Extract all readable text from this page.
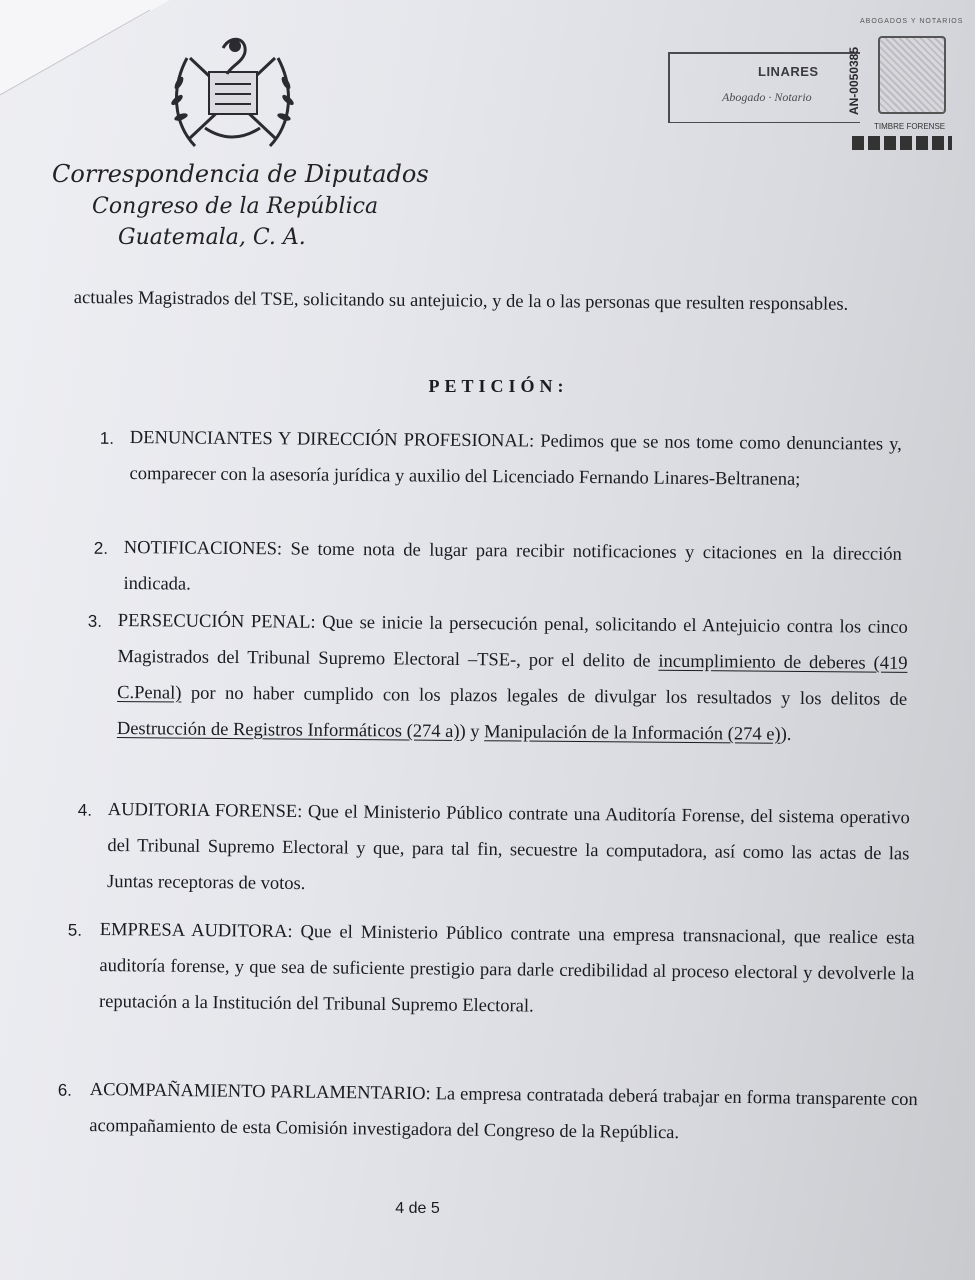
Correspondencia de Diputados
Congreso de la República
Guatemala, C. A.
LINARES
Abogado · Notario
ABOGADOS Y NOTARIOS
AN-0050385
TIMBRE FORENSE

actuales Magistrados del TSE, solicitando su antejuicio, y de la o las personas que resulten responsables.

PETICIÓN:
1. DENUNCIANTES Y DIRECCIÓN PROFESIONAL: Pedimos que se nos tome como denunciantes y, comparecer con la asesoría jurídica y auxilio del Licenciado Fernando Linares-Beltranena;
2. NOTIFICACIONES: Se tome nota de lugar para recibir notificaciones y citaciones en la dirección indicada.
3. PERSECUCIÓN PENAL: Que se inicie la persecución penal, solicitando el Antejuicio contra los cinco Magistrados del Tribunal Supremo Electoral –TSE-, por el delito de incumplimiento de deberes (419 C.Penal) por no haber cumplido con los plazos legales de divulgar los resultados y los delitos de Destrucción de Registros Informáticos (274 a)) y Manipulación de la Información (274 e)).
4. AUDITORIA FORENSE: Que el Ministerio Público contrate una Auditoría Forense, del sistema operativo del Tribunal Supremo Electoral y que, para tal fin, secuestre la computadora, así como las actas de las Juntas receptoras de votos.
5. EMPRESA AUDITORA: Que el Ministerio Público contrate una empresa transnacional, que realice esta auditoría forense, y que sea de suficiente prestigio para darle credibilidad al proceso electoral y devolverle la reputación a la Institución del Tribunal Supremo Electoral.
6. ACOMPAÑAMIENTO PARLAMENTARIO: La empresa contratada deberá trabajar en forma transparente con acompañamiento de esta Comisión investigadora del Congreso de la República.
4 de 5
